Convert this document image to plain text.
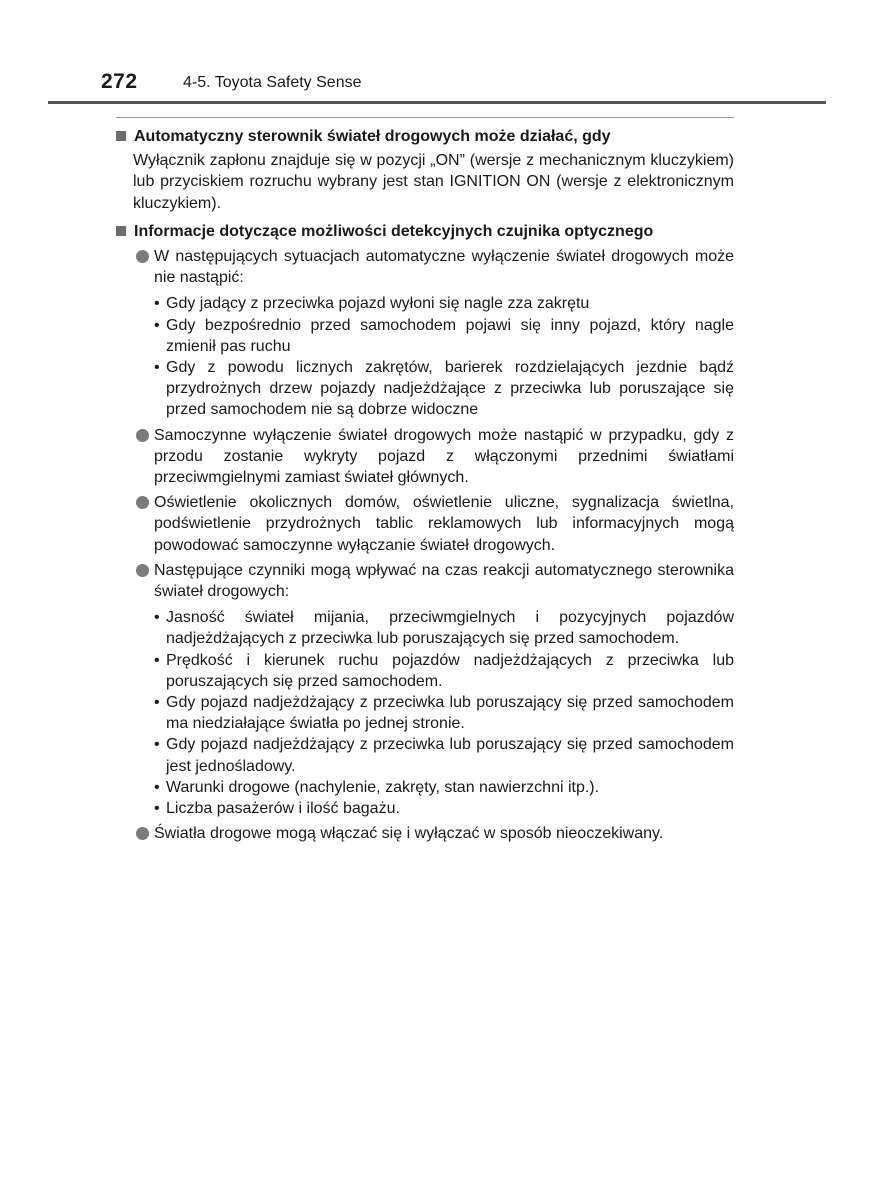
272	4-5. Toyota Safety Sense
Automatyczny sterownik świateł drogowych może działać, gdy
Wyłącznik zapłonu znajduje się w pozycji „ON” (wersje z mechanicznym kluczykiem) lub przyciskiem rozruchu wybrany jest stan IGNITION ON (wersje z elektronicznym kluczykiem).
Informacje dotyczące możliwości detekcyjnych czujnika optycznego
W następujących sytuacjach automatyczne wyłączenie świateł drogowych może nie nastąpić:
• Gdy jadący z przeciwka pojazd wyłoni się nagle zza zakrętu
• Gdy bezpośrednio przed samochodem pojawi się inny pojazd, który nagle zmienił pas ruchu
• Gdy z powodu licznych zakrętów, barierek rozdzielających jezdnie bądź przydrożnych drzew pojazdy nadjeżdżające z przeciwka lub poruszające się przed samochodem nie są dobrze widoczne
Samoczynne wyłączenie świateł drogowych może nastąpić w przypadku, gdy z przodu zostanie wykryty pojazd z włączonymi przednimi światłami przeciwmgielnymi zamiast świateł głównych.
Oświetlenie okolicznych domów, oświetlenie uliczne, sygnalizacja świetlna, podświetlenie przydrożnych tablic reklamowych lub informacyjnych mogą powodować samoczynne wyłączanie świateł drogowych.
Następujące czynniki mogą wpływać na czas reakcji automatycznego sterownika świateł drogowych:
• Jasność świateł mijania, przeciwmgielnych i pozycyjnych pojazdów nadjeżdżających z przeciwka lub poruszających się przed samochodem.
• Prędkość i kierunek ruchu pojazdów nadjeżdżających z przeciwka lub poruszających się przed samochodem.
• Gdy pojazd nadjeżdżający z przeciwka lub poruszający się przed samochodem ma niedziałające światła po jednej stronie.
• Gdy pojazd nadjeżdżający z przeciwka lub poruszający się przed samochodem jest jednośladowy.
• Warunki drogowe (nachylenie, zakręty, stan nawierzchni itp.).
• Liczba pasażerów i ilość bagażu.
Światła drogowe mogą włączać się i wyłączać w sposób nieoczekiwany.
